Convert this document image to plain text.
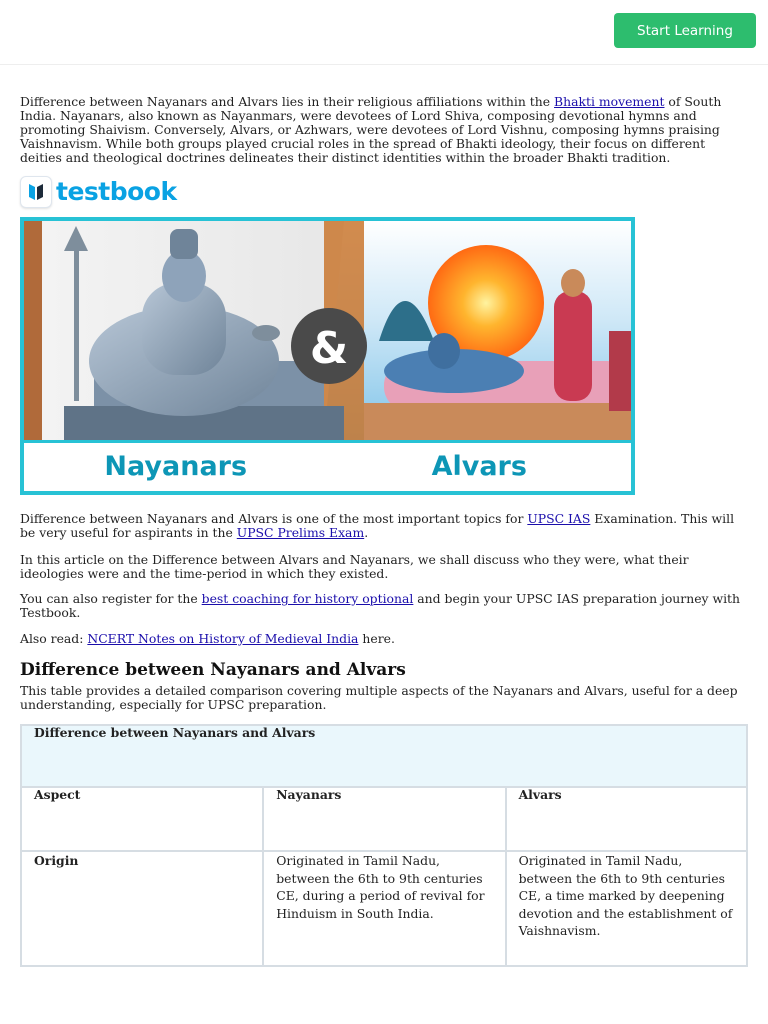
Start Learning

Difference between Nayanars and Alvars lies in their religious affiliations within the Bhakti movement of South India. Nayanars, also known as Nayanmars, were devotees of Lord Shiva, composing devotional hymns and promoting Shaivism. Conversely, Alvars, or Azhwars, were devotees of Lord Vishnu, composing hymns praising Vaishnavism. While both groups played crucial roles in the spread of Bhakti ideology, their focus on different deities and theological doctrines delineates their distinct identities within the broader Bhakti tradition.

testbook
&
Nayanars	Alvars

Difference between Nayanars and Alvars is one of the most important topics for UPSC IAS Examination. This will be very useful for aspirants in the UPSC Prelims Exam.

In this article on the Difference between Alvars and Nayanars, we shall discuss who they were, what their ideologies were and the time-period in which they existed.

You can also register for the best coaching for history optional and begin your UPSC IAS preparation journey with Testbook.

Also read: NCERT Notes on History of Medieval India here.

Difference between Nayanars and Alvars

This table provides a detailed comparison covering multiple aspects of the Nayanars and Alvars, useful for a deep understanding, especially for UPSC preparation.

Difference between Nayanars and Alvars		
Aspect	Nayanars	Alvars
Origin	Originated in Tamil Nadu, between the 6th to 9th centuries CE, during a period of revival for Hinduism in South India.	Originated in Tamil Nadu, between the 6th to 9th centuries CE, a time marked by deepening devotion and the establishment of Vaishnavism.
